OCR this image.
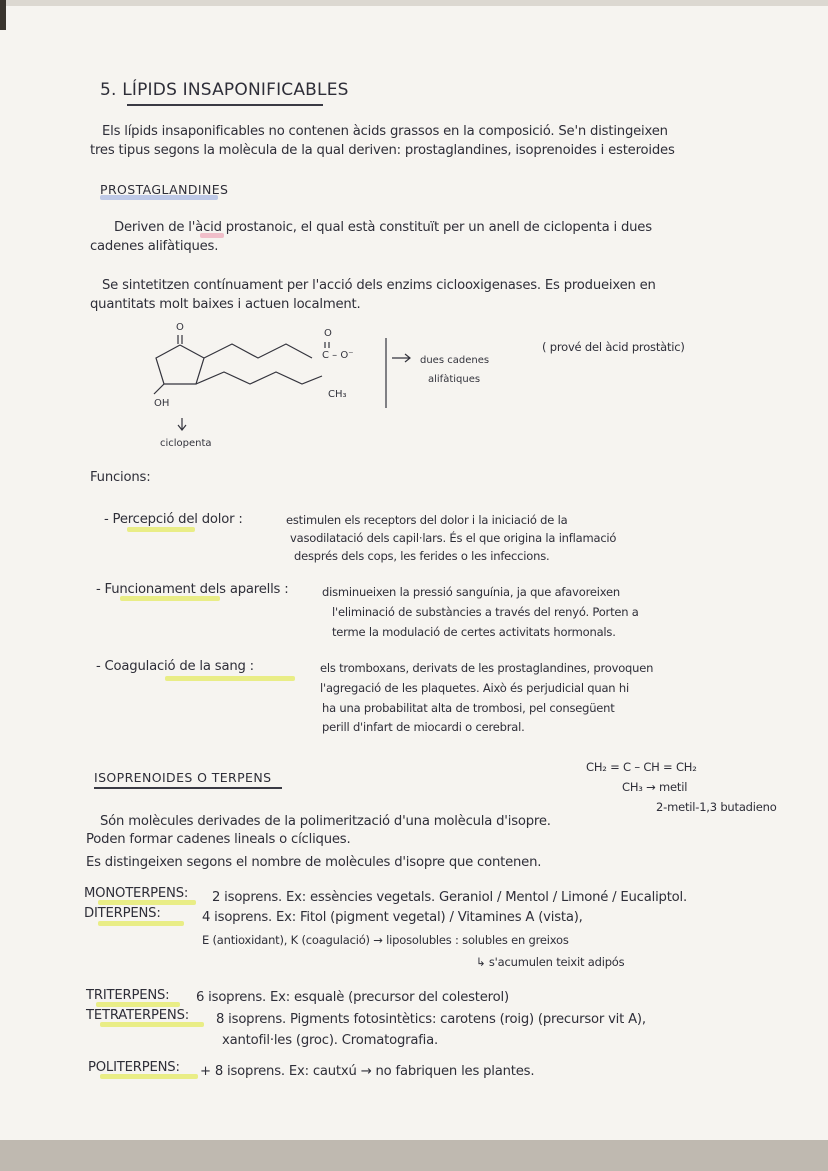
5. LÍPIDS INSAPONIFICABLES
Els lípids insaponificables no contenen àcids grassos en la composició. Se'n distingeixen
tres tipus segons la molècula de la qual deriven: prostaglandines, isoprenoides i esteroides
PROSTAGLANDINES
Deriven de l'àcid prostanoic, el qual està constituït per un anell de ciclopenta i dues
cadenes alifàtiques.
Se sintetitzen contínuament per l'acció dels enzims ciclooxigenases. Es produeixen en
quantitats molt baixes i actuen localment.
O
OH
O
C – O⁻
CH₃
dues cadenes
alifàtiques
ciclopenta
( prové del àcid prostàtic)
Funcions:
- Percepció del dolor :	estimulen els receptors del dolor i la iniciació de la
vasodilatació dels capil·lars. És el que origina la inflamació
després dels cops, les ferides o les infeccions.
- Funcionament dels aparells :	disminueixen la pressió sanguínia, ja que afavoreixen
l'eliminació de substàncies a través del renyó. Porten a
terme la modulació de certes activitats hormonals.
- Coagulació de la sang :	els tromboxans, derivats de les prostaglandines, provoquen
l'agregació de les plaquetes. Això és perjudicial quan hi
ha una probabilitat alta de trombosi, pel consegüent
perill d'infart de miocardi o cerebral.
ISOPRENOIDES O TERPENS
CH₂ = C – CH = CH₂
CH₃ → metil
2-metil-1,3 butadieno
Són molècules derivades de la polimerització d'una molècula d'isopre.
Poden formar cadenes lineals o cícliques.
Es distingeixen segons el nombre de molècules d'isopre que contenen.
MONOTERPENS: 2 isoprens. Ex: essències vegetals. Geraniol / Mentol / Limoné / Eucaliptol.
DITERPENS:	4 isoprens. Ex: Fitol (pigment vegetal) / Vitamines A (vista),
E (antioxidant), K (coagulació) → liposolubles : solubles en greixos
↳ s'acumulen teixit adipós
TRITERPENS: 6 isoprens. Ex: esqualè (precursor del colesterol)
TETRATERPENS: 8 isoprens. Pigments fotosintètics: carotens (roig) (precursor vit A),
xantofil·les (groc). Cromatografia.
POLITERPENS: + 8 isoprens. Ex: cautxú → no fabriquen les plantes.
